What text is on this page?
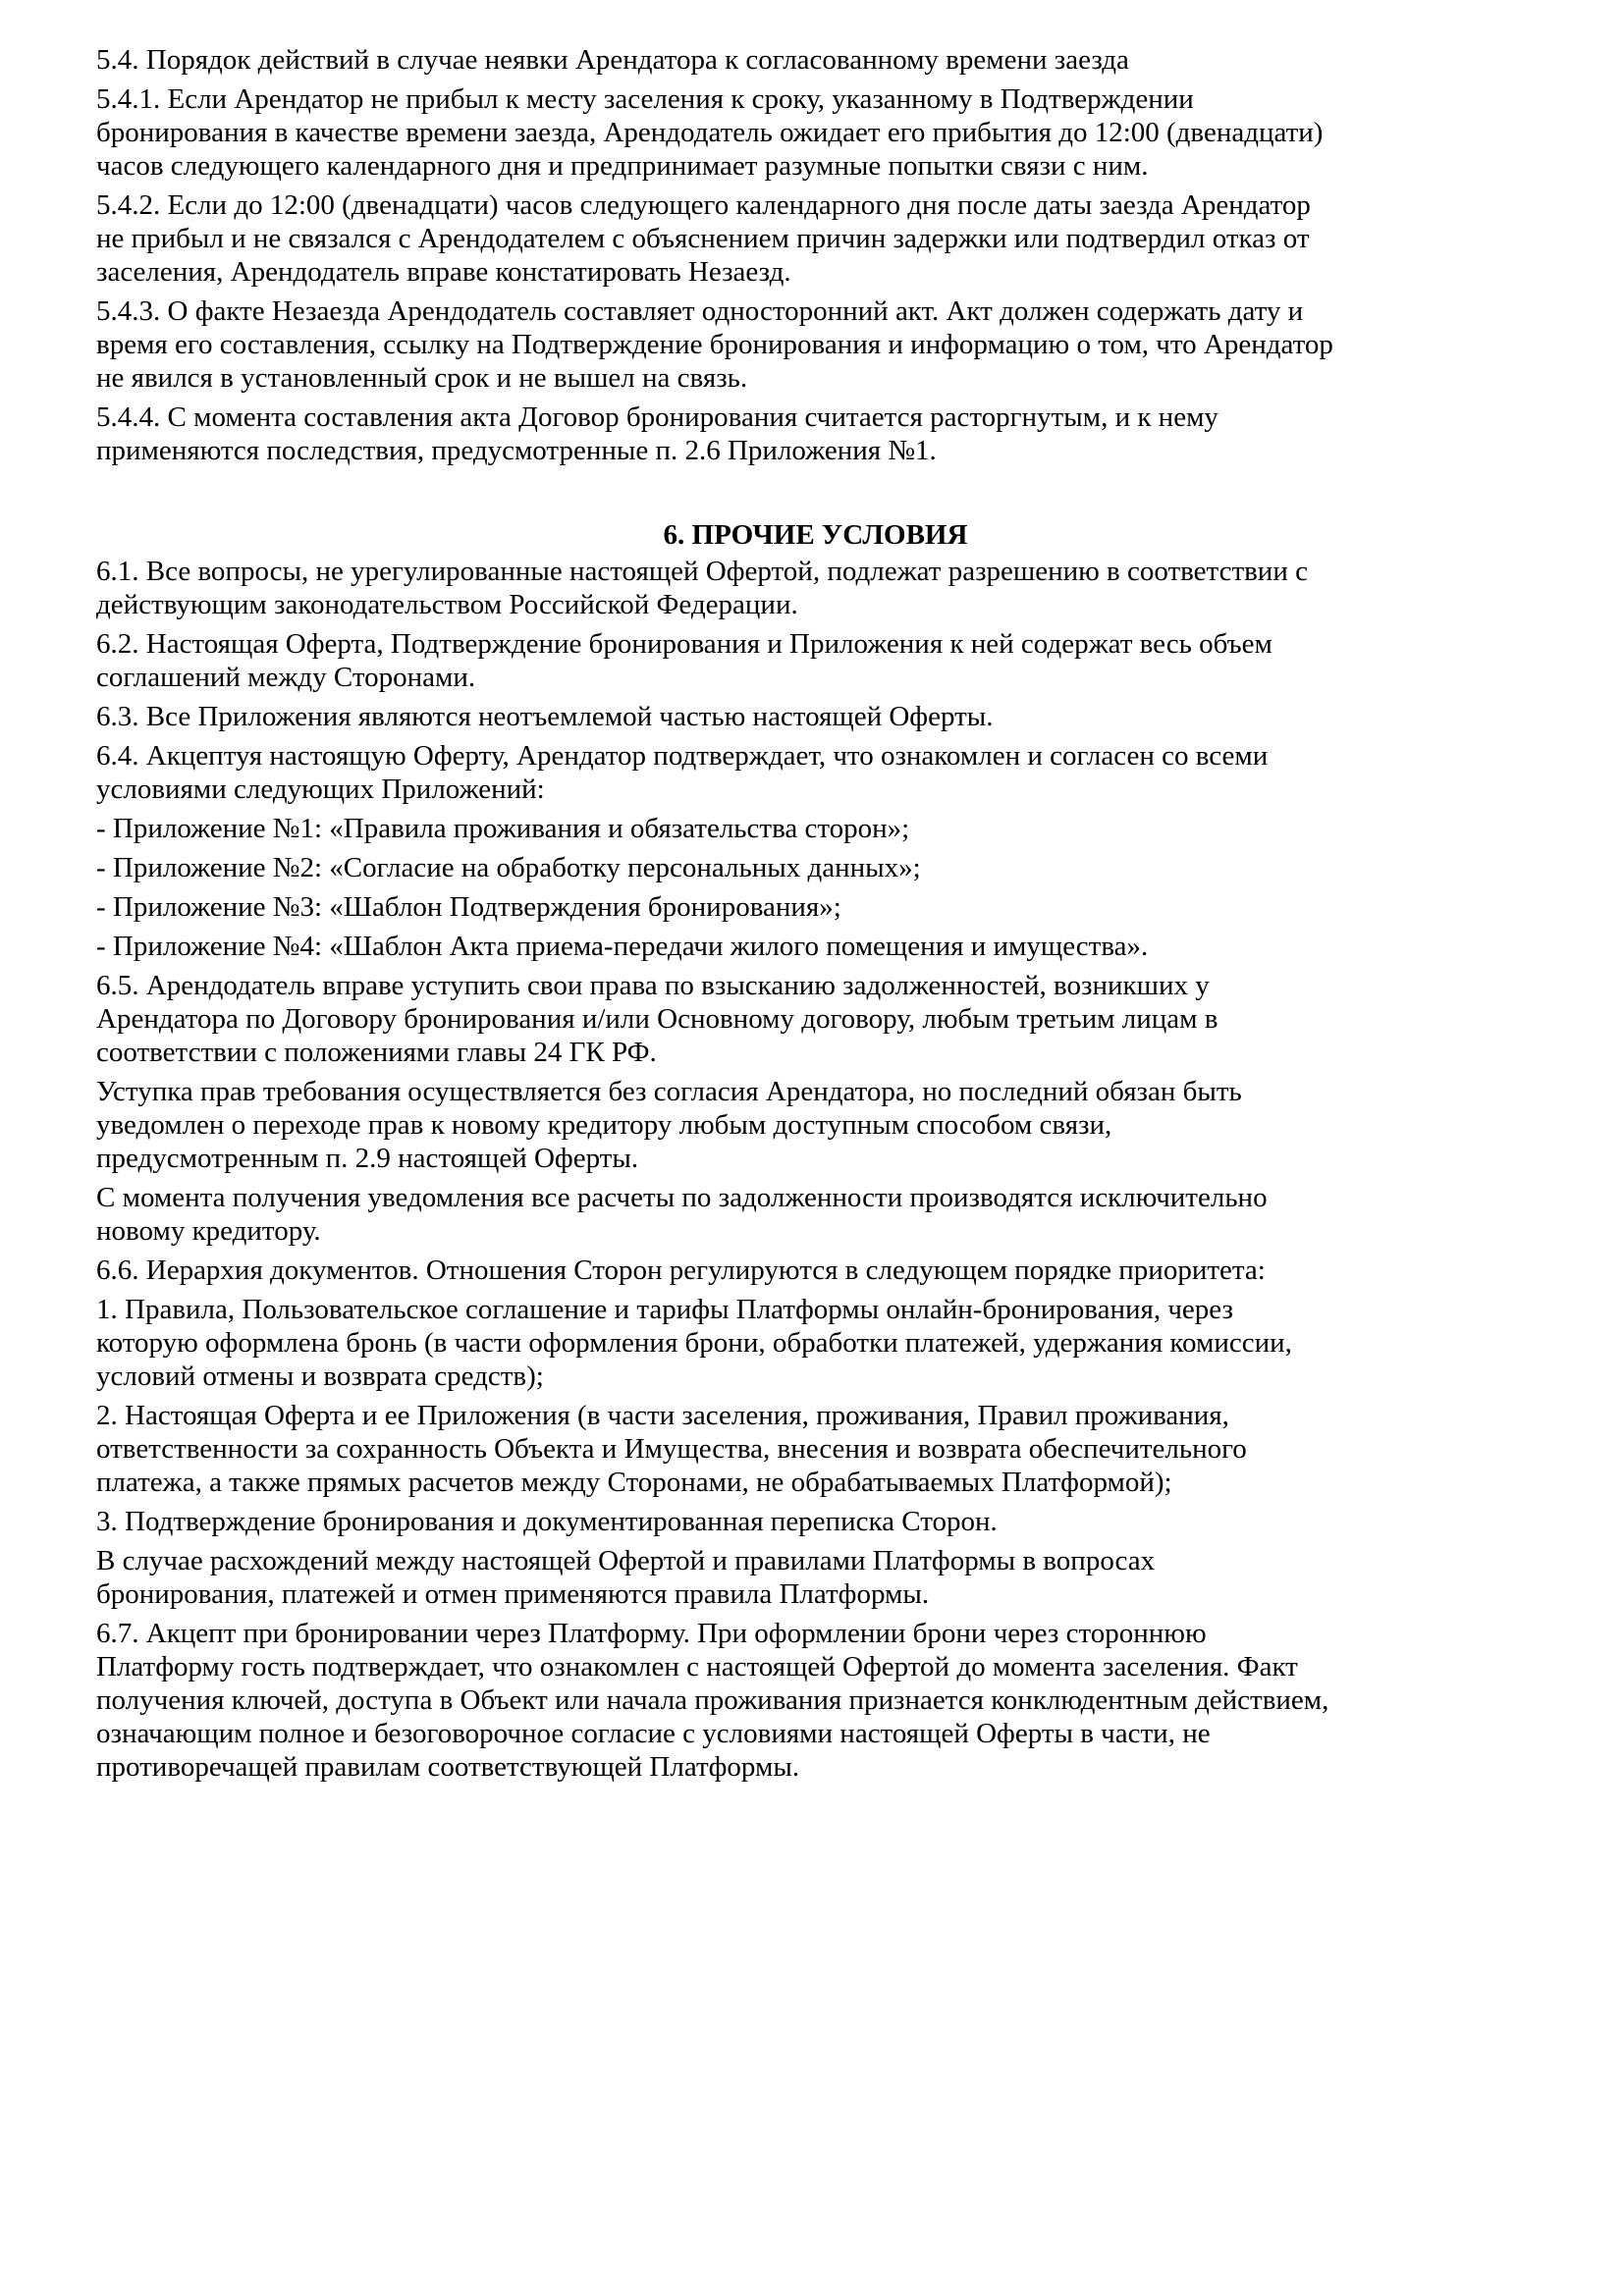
5.4. Порядок действий в случае неявки Арендатора к согласованному времени заезда
5.4.1. Если Арендатор не прибыл к месту заселения к сроку, указанному в Подтверждении
бронирования в качестве времени заезда, Арендодатель ожидает его прибытия до 12:00 (двенадцати)
часов следующего календарного дня и предпринимает разумные попытки связи с ним.
5.4.2. Если до 12:00 (двенадцати) часов следующего календарного дня после даты заезда Арендатор
не прибыл и не связался с Арендодателем с объяснением причин задержки или подтвердил отказ от
заселения, Арендодатель вправе констатировать Незаезд.
5.4.3. О факте Незаезда Арендодатель составляет односторонний акт. Акт должен содержать дату и
время его составления, ссылку на Подтверждение бронирования и информацию о том, что Арендатор
не явился в установленный срок и не вышел на связь.
5.4.4. С момента составления акта Договор бронирования считается расторгнутым, и к нему
применяются последствия, предусмотренные п. 2.6 Приложения №1.
6. ПРОЧИЕ УСЛОВИЯ
6.1. Все вопросы, не урегулированные настоящей Офертой, подлежат разрешению в соответствии с
действующим законодательством Российской Федерации.
6.2. Настоящая Оферта, Подтверждение бронирования и Приложения к ней содержат весь объем
соглашений между Сторонами.
6.3. Все Приложения являются неотъемлемой частью настоящей Оферты.
6.4. Акцептуя настоящую Оферту, Арендатор подтверждает, что ознакомлен и согласен со всеми
условиями следующих Приложений:
- Приложение №1: «Правила проживания и обязательства сторон»;
- Приложение №2: «Согласие на обработку персональных данных»;
- Приложение №3: «Шаблон Подтверждения бронирования»;
- Приложение №4: «Шаблон Акта приема-передачи жилого помещения и имущества».
6.5. Арендодатель вправе уступить свои права по взысканию задолженностей, возникших у
Арендатора по Договору бронирования и/или Основному договору, любым третьим лицам в
соответствии с положениями главы 24 ГК РФ.
Уступка прав требования осуществляется без согласия Арендатора, но последний обязан быть
уведомлен о переходе прав к новому кредитору любым доступным способом связи,
предусмотренным п. 2.9 настоящей Оферты.
С момента получения уведомления все расчеты по задолженности производятся исключительно
новому кредитору.
6.6. Иерархия документов. Отношения Сторон регулируются в следующем порядке приоритета:
1. Правила, Пользовательское соглашение и тарифы Платформы онлайн-бронирования, через
которую оформлена бронь (в части оформления брони, обработки платежей, удержания комиссии,
условий отмены и возврата средств);
2. Настоящая Оферта и ее Приложения (в части заселения, проживания, Правил проживания,
ответственности за сохранность Объекта и Имущества, внесения и возврата обеспечительного
платежа, а также прямых расчетов между Сторонами, не обрабатываемых Платформой);
3. Подтверждение бронирования и документированная переписка Сторон.
В случае расхождений между настоящей Офертой и правилами Платформы в вопросах
бронирования, платежей и отмен применяются правила Платформы.
6.7. Акцепт при бронировании через Платформу. При оформлении брони через стороннюю
Платформу гость подтверждает, что ознакомлен с настоящей Офертой до момента заселения. Факт
получения ключей, доступа в Объект или начала проживания признается конклюдентным действием,
означающим полное и безоговорочное согласие с условиями настоящей Оферты в части, не
противоречащей правилам соответствующей Платформы.
